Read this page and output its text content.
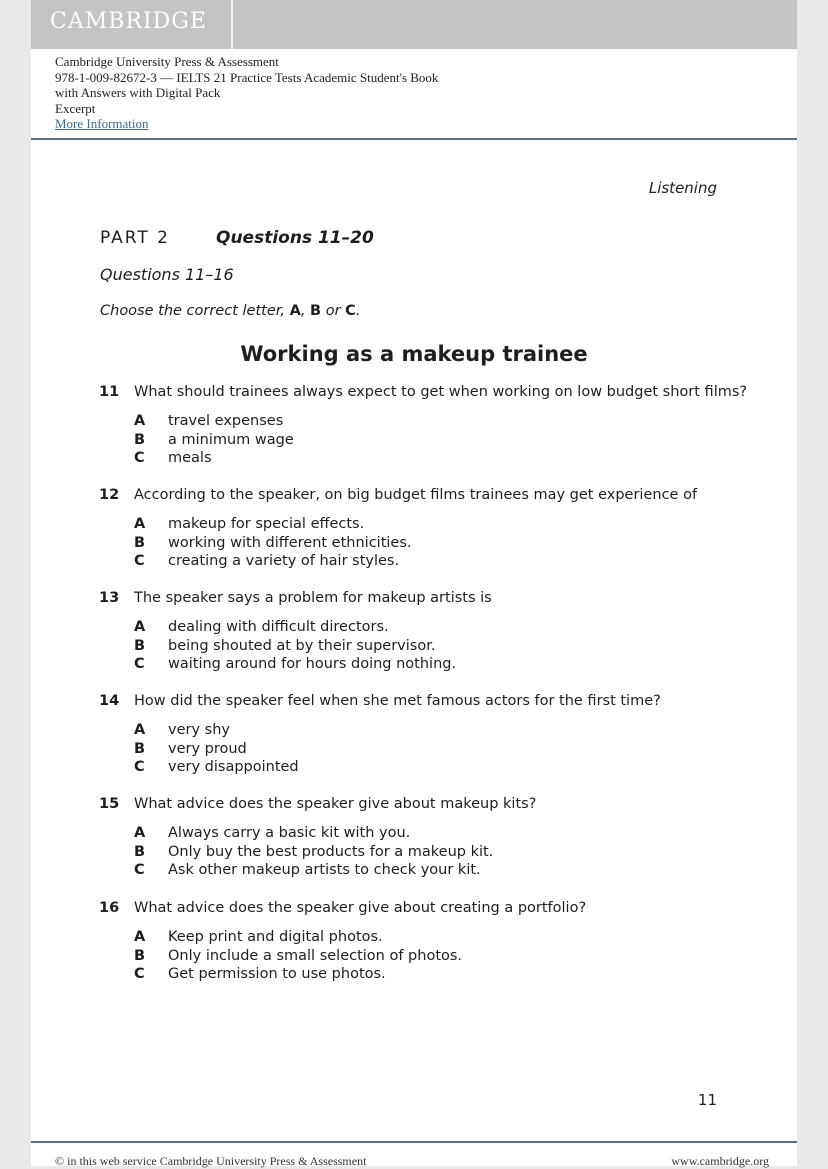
CAMBRIDGE
Cambridge University Press & Assessment
978-1-009-82672-3 — IELTS 21 Practice Tests Academic Student's Book
with Answers with Digital Pack
Excerpt
More Information
Listening
PART 2	Questions 11–20
Questions 11–16
Choose the correct letter, A, B or C.
Working as a makeup trainee
11 What should trainees always expect to get when working on low budget short films?
A travel expenses
B a minimum wage
C meals
12 According to the speaker, on big budget films trainees may get experience of
A makeup for special effects.
B working with different ethnicities.
C creating a variety of hair styles.
13 The speaker says a problem for makeup artists is
A dealing with difficult directors.
B being shouted at by their supervisor.
C waiting around for hours doing nothing.
14 How did the speaker feel when she met famous actors for the first time?
A very shy
B very proud
C very disappointed
15 What advice does the speaker give about makeup kits?
A Always carry a basic kit with you.
B Only buy the best products for a makeup kit.
C Ask other makeup artists to check your kit.
16 What advice does the speaker give about creating a portfolio?
A Keep print and digital photos.
B Only include a small selection of photos.
C Get permission to use photos.
11
© in this web service Cambridge University Press & Assessment	www.cambridge.org
